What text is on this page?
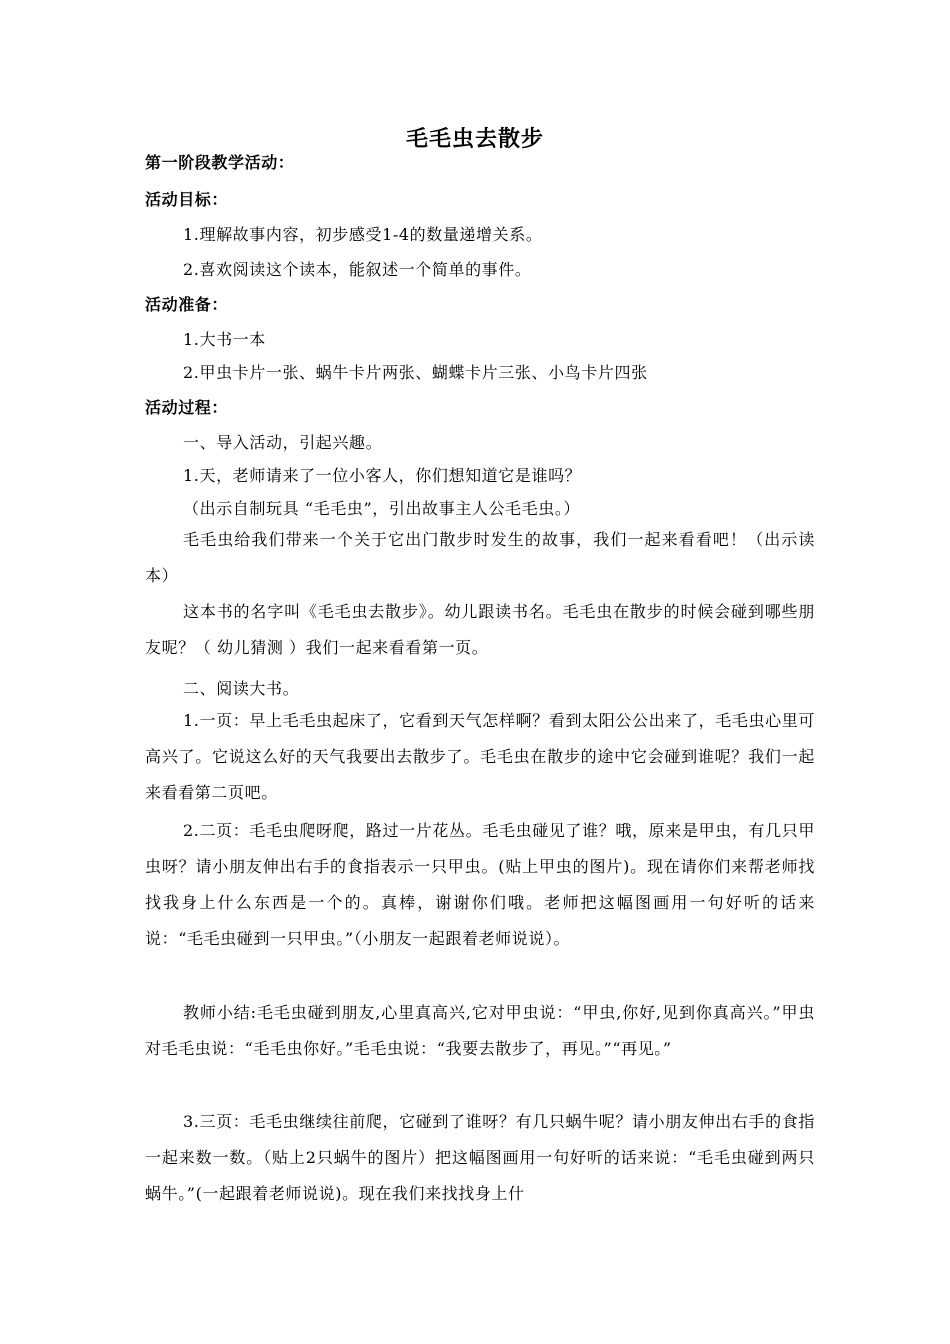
毛毛虫去散步
第一阶段教学活动：
活动目标：
1.理解故事内容，初步感受1-4的数量递增关系。
2.喜欢阅读这个读本，能叙述一个简单的事件。
活动准备：
1.大书一本
2.甲虫卡片一张、蜗牛卡片两张、蝴蝶卡片三张、小鸟卡片四张
活动过程：
一、导入活动，引起兴趣。
1.天，老师请来了一位小客人，你们想知道它是谁吗？
（出示自制玩具 “毛毛虫”，引出故事主人公毛毛虫。）
毛毛虫给我们带来一个关于它出门散步时发生的故事，我们一起来看看吧！（出示读本）
这本书的名字叫《毛毛虫去散步》。幼儿跟读书名。毛毛虫在散步的时候会碰到哪些朋友呢？（ 幼儿猜测 ）我们一起来看看第一页。
二、阅读大书。
1.一页：早上毛毛虫起床了，它看到天气怎样啊？看到太阳公公出来了，毛毛虫心里可高兴了。它说这么好的天气我要出去散步了。毛毛虫在散步的途中它会碰到谁呢？我们一起来看看第二页吧。
2.二页：毛毛虫爬呀爬，路过一片花丛。毛毛虫碰见了谁？哦，原来是甲虫，有几只甲虫呀？请小朋友伸出右手的食指表示一只甲虫。(贴上甲虫的图片)。现在请你们来帮老师找找我身上什么东西是一个的。真棒，谢谢你们哦。老师把这幅图画用一句好听的话来说：“毛毛虫碰到一只甲虫。”（小朋友一起跟着老师说说）。
教师小结:毛毛虫碰到朋友,心里真高兴,它对甲虫说：“甲虫,你好,见到你真高兴。”甲虫对毛毛虫说：“毛毛虫你好。”毛毛虫说：“我要去散步了，再见。”“再见。”
3.三页：毛毛虫继续往前爬，它碰到了谁呀？有几只蜗牛呢？请小朋友伸出右手的食指一起来数一数。（贴上2只蜗牛的图片）把这幅图画用一句好听的话来说：“毛毛虫碰到两只蜗牛。”(一起跟着老师说说)。现在我们来找找身上什
